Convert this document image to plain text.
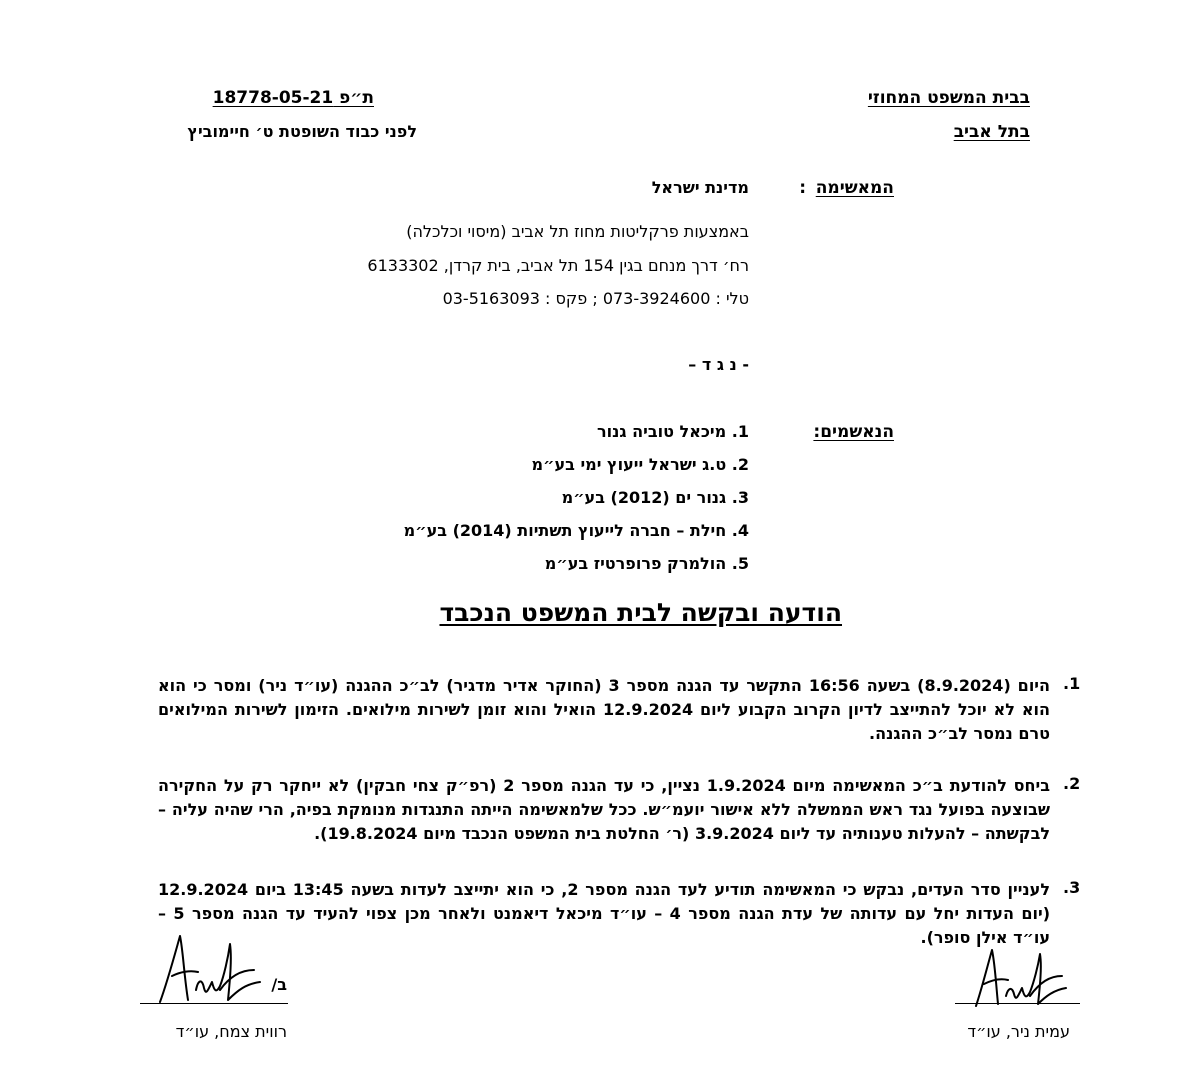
בבית המשפט המחוזי
בתל אביב
ת״פ 18778-05-21
לפני כבוד השופטת ט׳ חיימוביץ
המאשימה
:
מדינת ישראל
באמצעות פרקליטות מחוז תל אביב (מיסוי וכלכלה)
רח׳ דרך מנחם בגין 154 תל אביב, בית קרדן, 6133302
טלי : 073-3924600 ; פקס : 03-5163093
- נ ג ד –
הנאשמים:
1. מיכאל טוביה גנור
2. ט.ג ישראל ייעוץ ימי בע״מ
3. גנור ים (2012) בע״מ
4. חילת – חברה לייעוץ תשתיות (2014) בע״מ
5. הולמרק פרופרטיז בע״מ
הודעה ובקשה לבית המשפט הנכבד
.1
היום (8.9.2024) בשעה 16:56 התקשר עד הגנה מספר 3 (החוקר אדיר מדגיר) לב״כ ההגנה (עו״ד ניר) ומסר כי הוא הוא לא יוכל להתייצב לדיון הקרוב הקבוע ליום 12.9.2024 הואיל והוא זומן לשירות מילואים. הזימון לשירות המילואים טרם נמסר לב״כ ההגנה.
.2
ביחס להודעת ב״כ המאשימה מיום 1.9.2024 נציין, כי עד הגנה מספר 2 (רפ״ק צחי חבקין) לא ייחקר רק על החקירה שבוצעה בפועל נגד ראש הממשלה ללא אישור יועמ״ש. ככל שלמאשימה הייתה התנגדות מנומקת בפיה, הרי שהיה עליה – לבקשתה – להעלות טענותיה עד ליום 3.9.2024 (ר׳ החלטת בית המשפט הנכבד מיום 19.8.2024).
.3
לעניין סדר העדים, נבקש כי המאשימה תודיע לעד הגנה מספר 2, כי הוא יתייצב לעדות בשעה 13:45 ביום 12.9.2024 (יום העדות יחל עם עדותה של עדת הגנה מספר 4 – עו״ד מיכאל דיאמנט ולאחר מכן צפוי להעיד עד הגנה מספר 5 – עו״ד אילן סופר).
ב/
רווית צמח, עו״ד	עמית ניר, עו״ד
